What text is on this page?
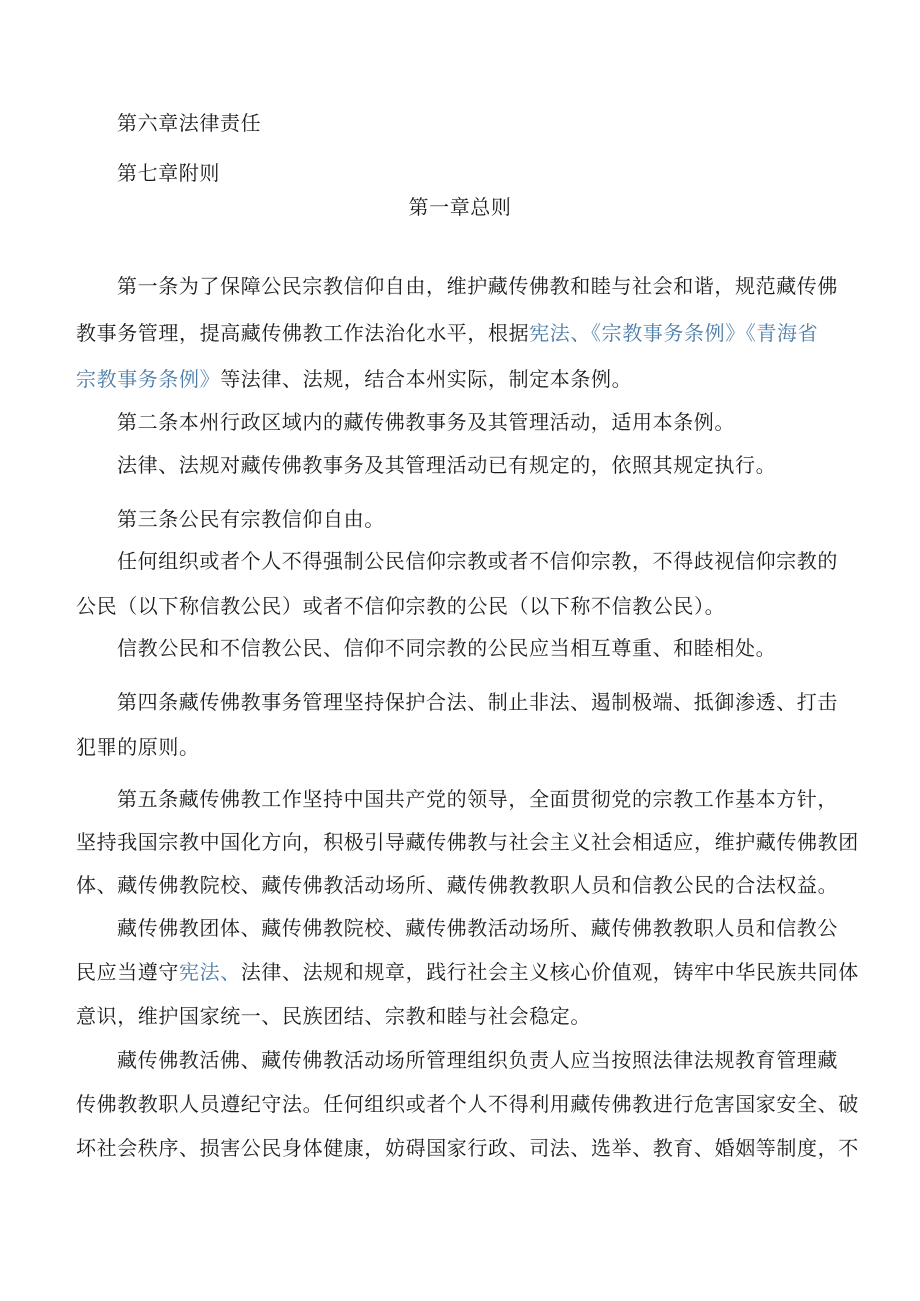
第六章法律责任
第七章附则
第一章总则
第一条为了保障公民宗教信仰自由，维护藏传佛教和睦与社会和谐，规范藏传佛
教事务管理，提高藏传佛教工作法治化水平，根据宪法、《宗教事务条例》《青海省
宗教事务条例》等法律、法规，结合本州实际，制定本条例。
第二条本州行政区域内的藏传佛教事务及其管理活动，适用本条例。
法律、法规对藏传佛教事务及其管理活动已有规定的，依照其规定执行。
第三条公民有宗教信仰自由。
任何组织或者个人不得强制公民信仰宗教或者不信仰宗教，不得歧视信仰宗教的
公民（以下称信教公民）或者不信仰宗教的公民（以下称不信教公民）。
信教公民和不信教公民、信仰不同宗教的公民应当相互尊重、和睦相处。
第四条藏传佛教事务管理坚持保护合法、制止非法、遏制极端、抵御渗透、打击
犯罪的原则。
第五条藏传佛教工作坚持中国共产党的领导，全面贯彻党的宗教工作基本方针，
坚持我国宗教中国化方向，积极引导藏传佛教与社会主义社会相适应，维护藏传佛教团
体、藏传佛教院校、藏传佛教活动场所、藏传佛教教职人员和信教公民的合法权益。
藏传佛教团体、藏传佛教院校、藏传佛教活动场所、藏传佛教教职人员和信教公
民应当遵守宪法、法律、法规和规章，践行社会主义核心价值观，铸牢中华民族共同体
意识，维护国家统一、民族团结、宗教和睦与社会稳定。
藏传佛教活佛、藏传佛教活动场所管理组织负责人应当按照法律法规教育管理藏
传佛教教职人员遵纪守法。任何组织或者个人不得利用藏传佛教进行危害国家安全、破
坏社会秩序、损害公民身体健康，妨碍国家行政、司法、选举、教育、婚姻等制度，不
